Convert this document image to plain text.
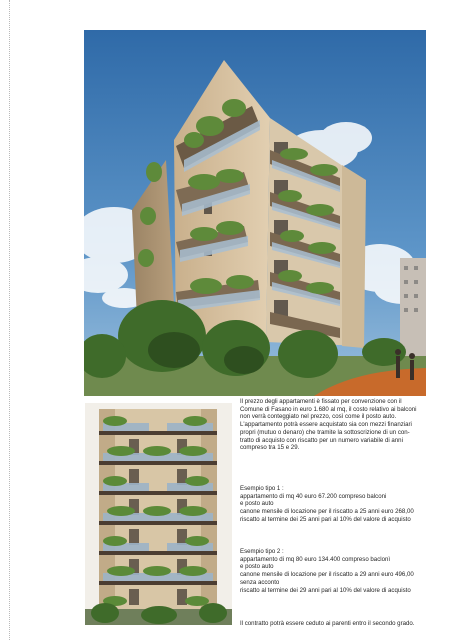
Il prezzo degli appartamenti è fissato per convenzione con il
Comune di Fasano in euro 1.680 al mq, il costo relativo ai balconi
non verrà conteggiato nel prezzo, così come il posto auto.
L'appartamento potrà essere acquistato sia con mezzi finanziari
propri (mutuo o denaro) che tramite la sottoscrizione di un con-
tratto di acquisto con riscatto per un numero variabile di anni
compreso tra 15 e 29.

Esempio tipo 1 :
appartamento di mq 40 euro 67.200 compreso balconi
e posto auto
canone mensile di locazione per il riscatto a 25 anni euro 268,00
riscatto al termine dei 25 anni pari al 10% del valore di acquisto

Esempio tipo 2 :
appartamento di mq 80 euro 134.400 compreso baclonì
e posto auto
canone mensile di locazione per il riscatto a 29 anni euro 496,00
senza acconto
riscatto al termine dei 29 anni pari al 10% del valore di acquisto

Il contratto potrà essere ceduto ai parenti entro il secondo grado.
